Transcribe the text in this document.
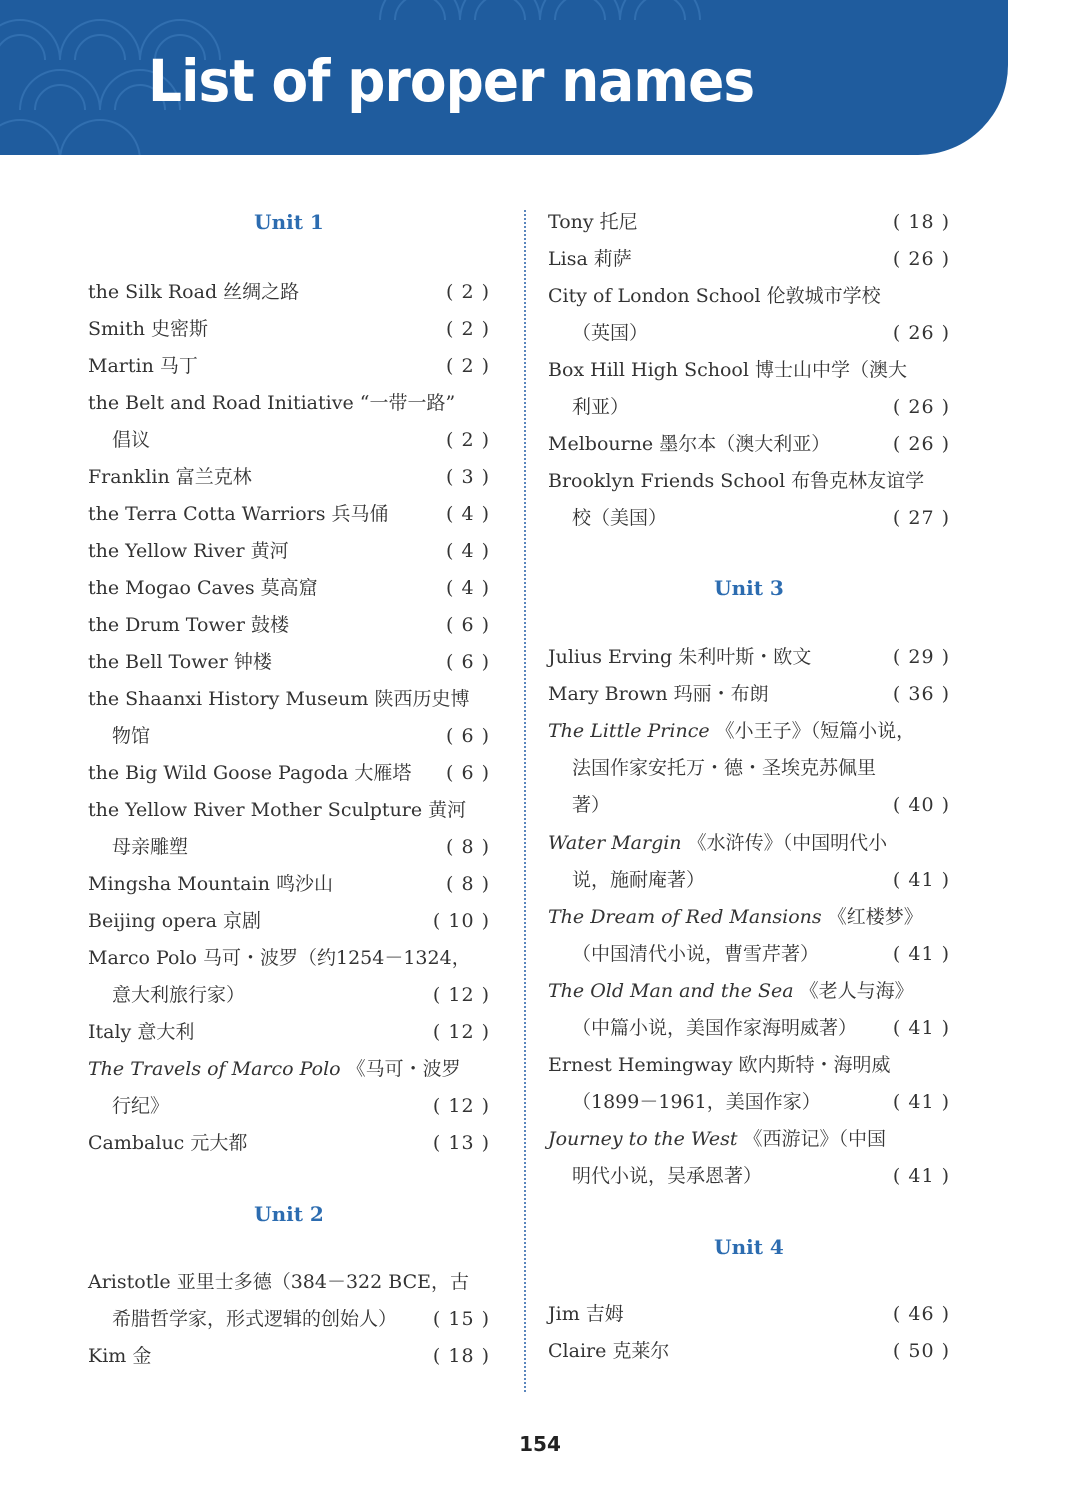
List of proper names
Unit 1
the Silk Road 丝绸之路	( 2 )
Smith 史密斯	( 2 )
Martin 马丁	( 2 )
the Belt and Road Initiative “一带一路”
倡议	( 2 )
Franklin 富兰克林	( 3 )
the Terra Cotta Warriors 兵马俑	( 4 )
the Yellow River 黄河	( 4 )
the Mogao Caves 莫高窟	( 4 )
the Drum Tower 鼓楼	( 6 )
the Bell Tower 钟楼	( 6 )
the Shaanxi History Museum 陕西历史博
物馆	( 6 )
the Big Wild Goose Pagoda 大雁塔 ( 6 )
the Yellow River Mother Sculpture 黄河
母亲雕塑	( 8 )
Mingsha Mountain 鸣沙山	( 8 )
Beijing opera 京剧	( 10 )
Marco Polo 马可・波罗（约1254－1324，
意大利旅行家）	( 12 )
Italy 意大利	( 12 )
The Travels of Marco Polo 《马可・波罗
行纪》	( 12 )
Cambaluc 元大都	( 13 )
Unit 2
Aristotle 亚里士多德（384－322 BCE，古
希腊哲学家，形式逻辑的创始人） ( 15 )
Kim 金	( 18 )
Tony 托尼	( 18 )
Lisa 莉萨	( 26 )
City of London School 伦敦城市学校
（英国）	( 26 )
Box Hill High School 博士山中学（澳大
利亚）	( 26 )
Melbourne 墨尔本（澳大利亚）	( 26 )
Brooklyn Friends School 布鲁克林友谊学
校（美国）	( 27 )
Unit 3
Julius Erving 朱利叶斯・欧文	( 29 )
Mary Brown 玛丽・布朗	( 36 )
The Little Prince 《小王子》（短篇小说，
法国作家安托万・德・圣埃克苏佩里
著）	( 40 )
Water Margin 《水浒传》（中国明代小
说，施耐庵著）	( 41 )
The Dream of Red Mansions 《红楼梦》
（中国清代小说，曹雪芹著）	( 41 )
The Old Man and the Sea 《老人与海》
（中篇小说，美国作家海明威著） ( 41 )
Ernest Hemingway 欧内斯特・海明威
（1899－1961，美国作家）	( 41 )
Journey to the West 《西游记》（中国
明代小说，吴承恩著）	( 41 )
Unit 4
Jim 吉姆	( 46 )
Claire 克莱尔	( 50 )
154
